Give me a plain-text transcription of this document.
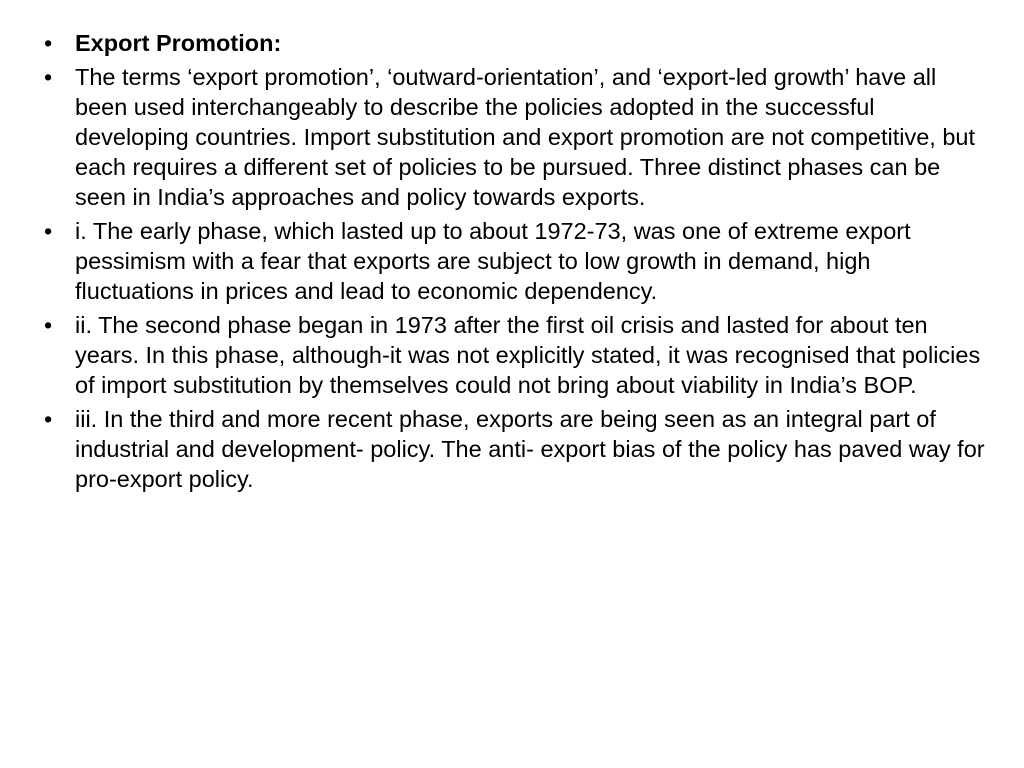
• Export Promotion:
• The terms ‘export promotion’, ‘outward-orientation’, and ‘export-led growth’ have all been used interchangeably to describe the policies adopted in the successful developing countries. Import substitution and export promotion are not competitive, but each requires a different set of policies to be pursued. Three distinct phases can be seen in India’s approaches and policy towards exports.
• i. The early phase, which lasted up to about 1972-73, was one of extreme export pessimism with a fear that exports are subject to low growth in demand, high fluctuations in prices and lead to economic dependency.
• ii. The second phase began in 1973 after the first oil crisis and lasted for about ten years. In this phase, although-it was not explicitly stated, it was recognised that policies of import substitution by themselves could not bring about viability in India’s BOP.
• iii. In the third and more recent phase, exports are being seen as an integral part of industrial and development- policy. The anti- export bias of the policy has paved way for pro-export policy.
